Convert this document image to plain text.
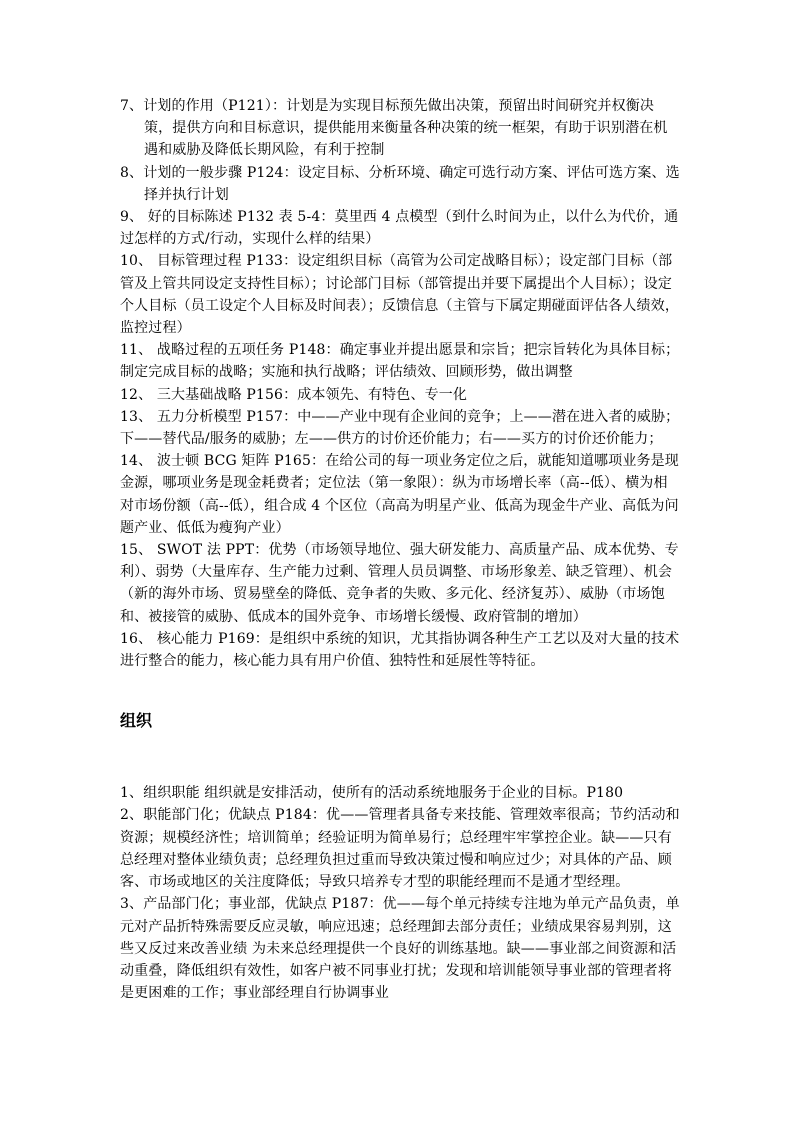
7、计划的作用（P121）：计划是为实现目标预先做出决策，预留出时间研究并权衡决策，提供方向和目标意识，提供能用来衡量各种决策的统一框架，有助于识别潜在机遇和威胁及降低长期风险，有利于控制

8、计划的一般步骤 P124：设定目标、分析环境、确定可选行动方案、评估可选方案、选择并执行计划

9、 好的目标陈述 P132 表 5-4：莫里西 4 点模型（到什么时间为止，以什么为代价，通过怎样的方式/行动，实现什么样的结果）

10、 目标管理过程 P133：设定组织目标（高管为公司定战略目标）；设定部门目标（部管及上管共同设定支持性目标）；讨论部门目标（部管提出并要下属提出个人目标）；设定个人目标（员工设定个人目标及时间表）；反馈信息（主管与下属定期碰面评估各人绩效，监控过程）

11、 战略过程的五项任务 P148：确定事业并提出愿景和宗旨；把宗旨转化为具体目标；制定完成目标的战略；实施和执行战略；评估绩效、回顾形势，做出调整

12、 三大基础战略 P156：成本领先、有特色、专一化

13、 五力分析模型 P157：中——产业中现有企业间的竞争；上——潜在进入者的威胁；下——替代品/服务的威胁；左——供方的讨价还价能力；右——买方的讨价还价能力；

14、 波士顿 BCG 矩阵 P165：在给公司的每一项业务定位之后，就能知道哪项业务是现金源，哪项业务是现金耗费者；定位法（第一象限）：纵为市场增长率（高--低）、横为相对市场份额（高--低），组合成 4 个区位（高高为明星产业、低高为现金牛产业、高低为问题产业、低低为瘦狗产业）

15、 SWOT 法 PPT：优势（市场领导地位、强大研发能力、高质量产品、成本优势、专利）、弱势（大量库存、生产能力过剩、管理人员员调整、市场形象差、缺乏管理）、机会（新的海外市场、贸易壁垒的降低、竞争者的失败、多元化、经济复苏）、威胁（市场饱和、被接管的威胁、低成本的国外竞争、市场增长缓慢、政府管制的增加）

16、 核心能力 P169：是组织中系统的知识，尤其指协调各种生产工艺以及对大量的技术进行整合的能力，核心能力具有用户价值、独特性和延展性等特征。

组织

1、组织职能 组织就是安排活动，使所有的活动系统地服务于企业的目标。P180

2、职能部门化；优缺点 P184：优——管理者具备专来技能、管理效率很高；节约活动和资源；规模经济性；培训简单；经验证明为简单易行；总经理牢牢掌控企业。缺——只有总经理对整体业绩负责；总经理负担过重而导致决策过慢和响应过少；对具体的产品、顾客、市场或地区的关注度降低；导致只培养专才型的职能经理而不是通才型经理。

3、产品部门化；事业部，优缺点 P187：优——每个单元持续专注地为单元产品负责，单元对产品折特殊需要反应灵敏，响应迅速；总经理卸去部分责任；业绩成果容易判别，这些又反过来改善业绩 为未来总经理提供一个良好的训练基地。缺——事业部之间资源和活动重叠，降低组织有效性，如客户被不同事业打扰；发现和培训能领导事业部的管理者将是更困难的工作；事业部经理自行协调事业
